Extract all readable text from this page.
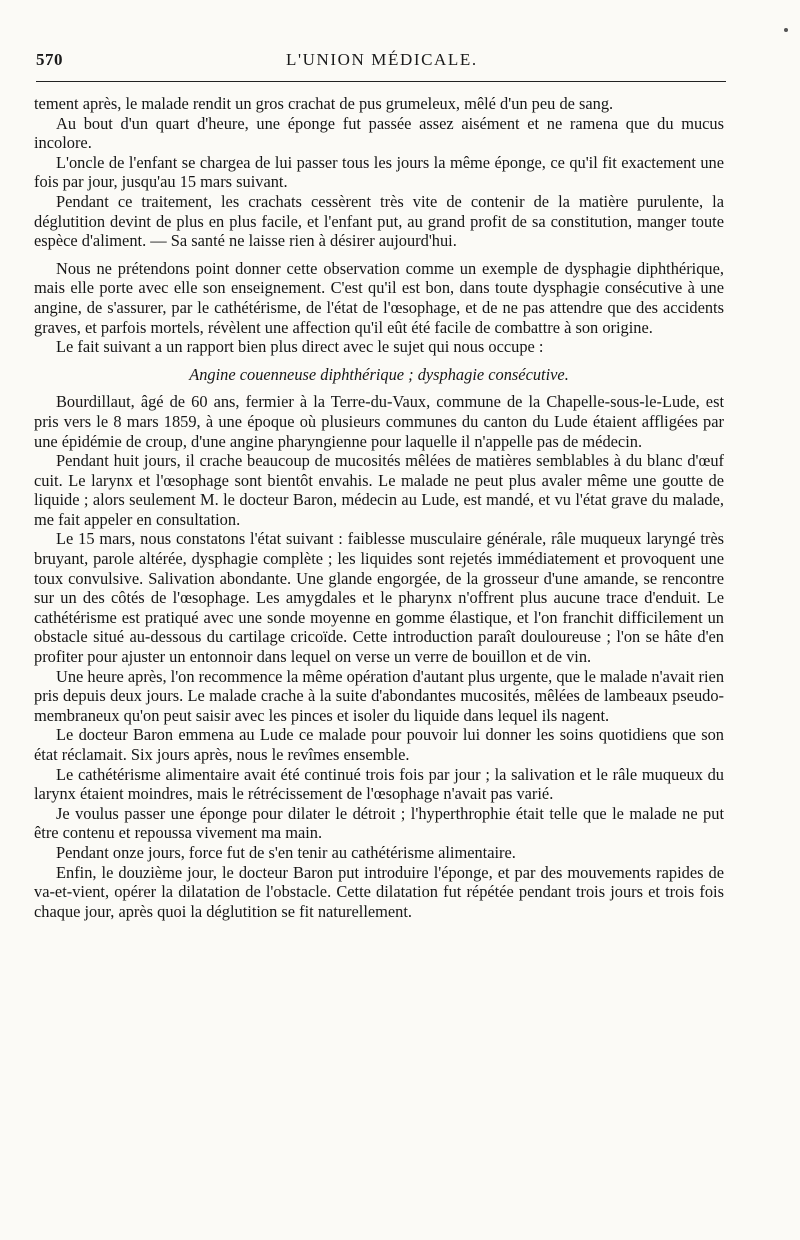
570	L'UNION MÉDICALE.

tement après, le malade rendit un gros crachat de pus grumeleux, mêlé d'un peu de sang.

Au bout d'un quart d'heure, une éponge fut passée assez aisément et ne ramena que du mucus incolore.

L'oncle de l'enfant se chargea de lui passer tous les jours la même éponge, ce qu'il fit exactement une fois par jour, jusqu'au 15 mars suivant.

Pendant ce traitement, les crachats cessèrent très vite de contenir de la matière purulente, la déglutition devint de plus en plus facile, et l'enfant put, au grand profit de sa constitution, manger toute espèce d'aliment. — Sa santé ne laisse rien à désirer aujourd'hui.

Nous ne prétendons point donner cette observation comme un exemple de dysphagie diphthérique, mais elle porte avec elle son enseignement. C'est qu'il est bon, dans toute dysphagie consécutive à une angine, de s'assurer, par le cathétérisme, de l'état de l'œsophage, et de ne pas attendre que des accidents graves, et parfois mortels, révèlent une affection qu'il eût été facile de combattre à son origine.

Le fait suivant a un rapport bien plus direct avec le sujet qui nous occupe :

Angine couenneuse diphthérique ; dysphagie consécutive.

Bourdillaut, âgé de 60 ans, fermier à la Terre-du-Vaux, commune de la Chapelle-sous-le-Lude, est pris vers le 8 mars 1859, à une époque où plusieurs communes du canton du Lude étaient affligées par une épidémie de croup, d'une angine pharyngienne pour laquelle il n'appelle pas de médecin.

Pendant huit jours, il crache beaucoup de mucosités mêlées de matières semblables à du blanc d'œuf cuit. Le larynx et l'œsophage sont bientôt envahis. Le malade ne peut plus avaler même une goutte de liquide ; alors seulement M. le docteur Baron, médecin au Lude, est mandé, et vu l'état grave du malade, me fait appeler en consultation.

Le 15 mars, nous constatons l'état suivant : faiblesse musculaire générale, râle muqueux laryngé très bruyant, parole altérée, dysphagie complète ; les liquides sont rejetés immédiatement et provoquent une toux convulsive. Salivation abondante. Une glande engorgée, de la grosseur d'une amande, se rencontre sur un des côtés de l'œsophage. Les amygdales et le pharynx n'offrent plus aucune trace d'enduit. Le cathétérisme est pratiqué avec une sonde moyenne en gomme élastique, et l'on franchit difficilement un obstacle situé au-dessous du cartilage cricoïde. Cette introduction paraît douloureuse ; l'on se hâte d'en profiter pour ajuster un entonnoir dans lequel on verse un verre de bouillon et de vin.

Une heure après, l'on recommence la même opération d'autant plus urgente, que le malade n'avait rien pris depuis deux jours. Le malade crache à la suite d'abondantes mucosités, mêlées de lambeaux pseudo-membraneux qu'on peut saisir avec les pinces et isoler du liquide dans lequel ils nagent.

Le docteur Baron emmena au Lude ce malade pour pouvoir lui donner les soins quotidiens que son état réclamait. Six jours après, nous le revîmes ensemble.

Le cathétérisme alimentaire avait été continué trois fois par jour ; la salivation et le râle muqueux du larynx étaient moindres, mais le rétrécissement de l'œsophage n'avait pas varié.

Je voulus passer une éponge pour dilater le détroit ; l'hyperthrophie était telle que le malade ne put être contenu et repoussa vivement ma main.

Pendant onze jours, force fut de s'en tenir au cathétérisme alimentaire.

Enfin, le douzième jour, le docteur Baron put introduire l'éponge, et par des mouvements rapides de va-et-vient, opérer la dilatation de l'obstacle. Cette dilatation fut répétée pendant trois jours et trois fois chaque jour, après quoi la déglutition se fit naturellement.
